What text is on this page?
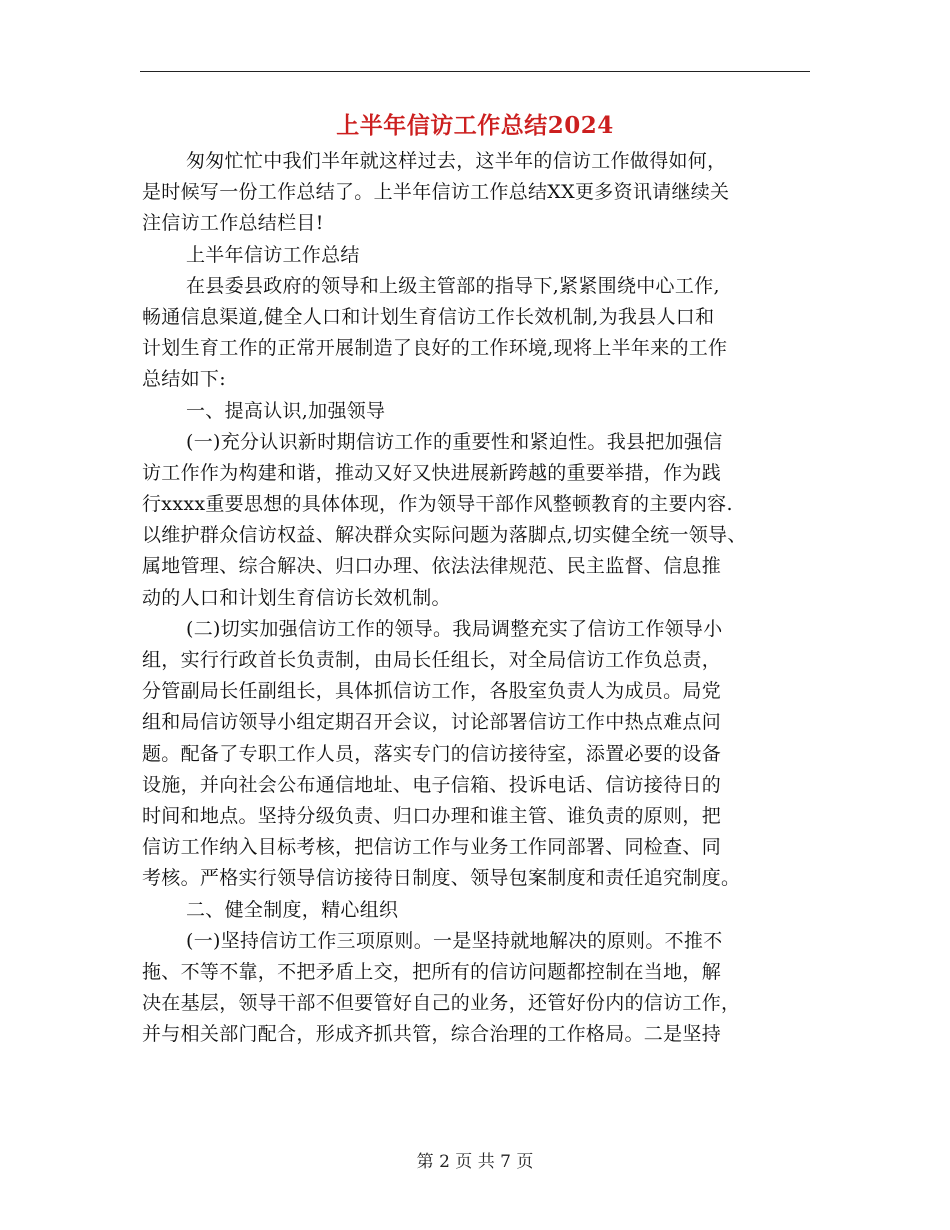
上半年信访工作总结2024
匆匆忙忙中我们半年就这样过去，这半年的信访工作做得如何，
是时候写一份工作总结了。上半年信访工作总结XX更多资讯请继续关
注信访工作总结栏目!
上半年信访工作总结
在县委县政府的领导和上级主管部的指导下,紧紧围绕中心工作,
畅通信息渠道,健全人口和计划生育信访工作长效机制,为我县人口和
计划生育工作的正常开展制造了良好的工作环境,现将上半年来的工作
总结如下:
一、提高认识,加强领导
(一)充分认识新时期信访工作的重要性和紧迫性。我县把加强信
访工作作为构建和谐，推动又好又快进展新跨越的重要举措，作为践
行xxxx重要思想的具体体现，作为领导干部作风整顿教育的主要内容.
以维护群众信访权益、解决群众实际问题为落脚点,切实健全统一领导、
属地管理、综合解决、归口办理、依法法律规范、民主监督、信息推
动的人口和计划生育信访长效机制。
(二)切实加强信访工作的领导。我局调整充实了信访工作领导小
组，实行行政首长负责制，由局长任组长，对全局信访工作负总责，
分管副局长任副组长，具体抓信访工作，各股室负责人为成员。局党
组和局信访领导小组定期召开会议，讨论部署信访工作中热点难点问
题。配备了专职工作人员，落实专门的信访接待室，添置必要的设备
设施，并向社会公布通信地址、电子信箱、投诉电话、信访接待日的
时间和地点。坚持分级负责、归口办理和谁主管、谁负责的原则，把
信访工作纳入目标考核，把信访工作与业务工作同部署、同检查、同
考核。严格实行领导信访接待日制度、领导包案制度和责任追究制度。
二、健全制度，精心组织
(一)坚持信访工作三项原则。一是坚持就地解决的原则。不推不
拖、不等不靠，不把矛盾上交，把所有的信访问题都控制在当地，解
决在基层，领导干部不但要管好自己的业务，还管好份内的信访工作，
并与相关部门配合，形成齐抓共管，综合治理的工作格局。二是坚持
第 2 页 共 7 页
